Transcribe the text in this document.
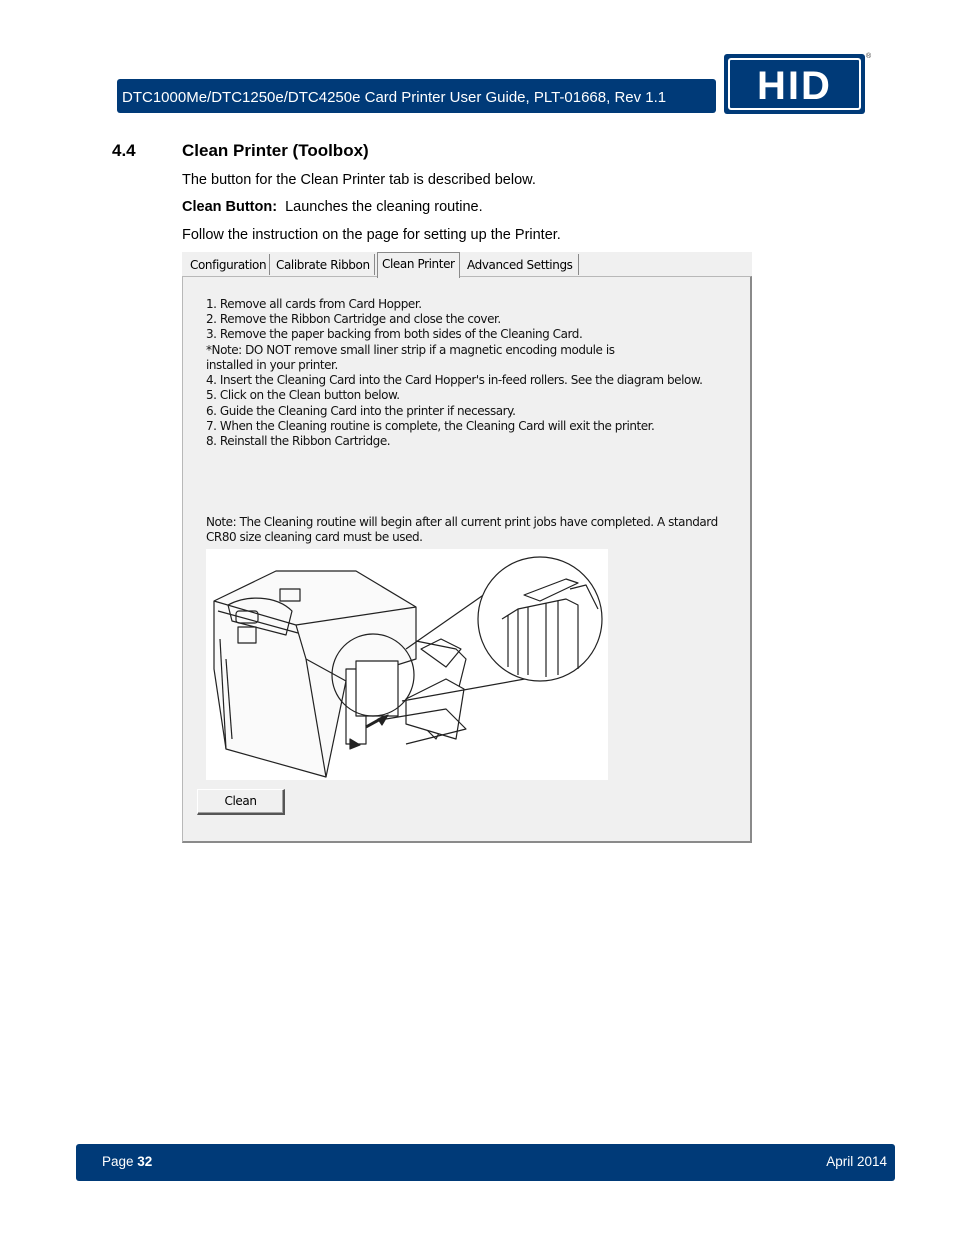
DTC1000Me/DTC1250e/DTC4250e Card Printer User Guide, PLT-01668, Rev 1.1	HID
®
4.4	Clean Printer (Toolbox)
The button for the Clean Printer tab is described below.
Clean Button: Launches the cleaning routine.
Follow the instruction on the page for setting up the Printer.
Configuration Calibrate Ribbon	Clean Printer	Advanced Settings
1. Remove all cards from Card Hopper.
2. Remove the Ribbon Cartridge and close the cover.
3. Remove the paper backing from both sides of the Cleaning Card.
*Note: DO NOT remove small liner strip if a magnetic encoding module is
installed in your printer.
4. Insert the Cleaning Card into the Card Hopper's in-feed rollers. See the diagram below.
5. Click on the Clean button below.
6. Guide the Cleaning Card into the printer if necessary.
7. When the Cleaning routine is complete, the Cleaning Card will exit the printer.
8. Reinstall the Ribbon Cartridge.
Note: The Cleaning routine will begin after all current print jobs have completed. A standard
CR80 size cleaning card must be used.
Clean
Page 32	April 2014
